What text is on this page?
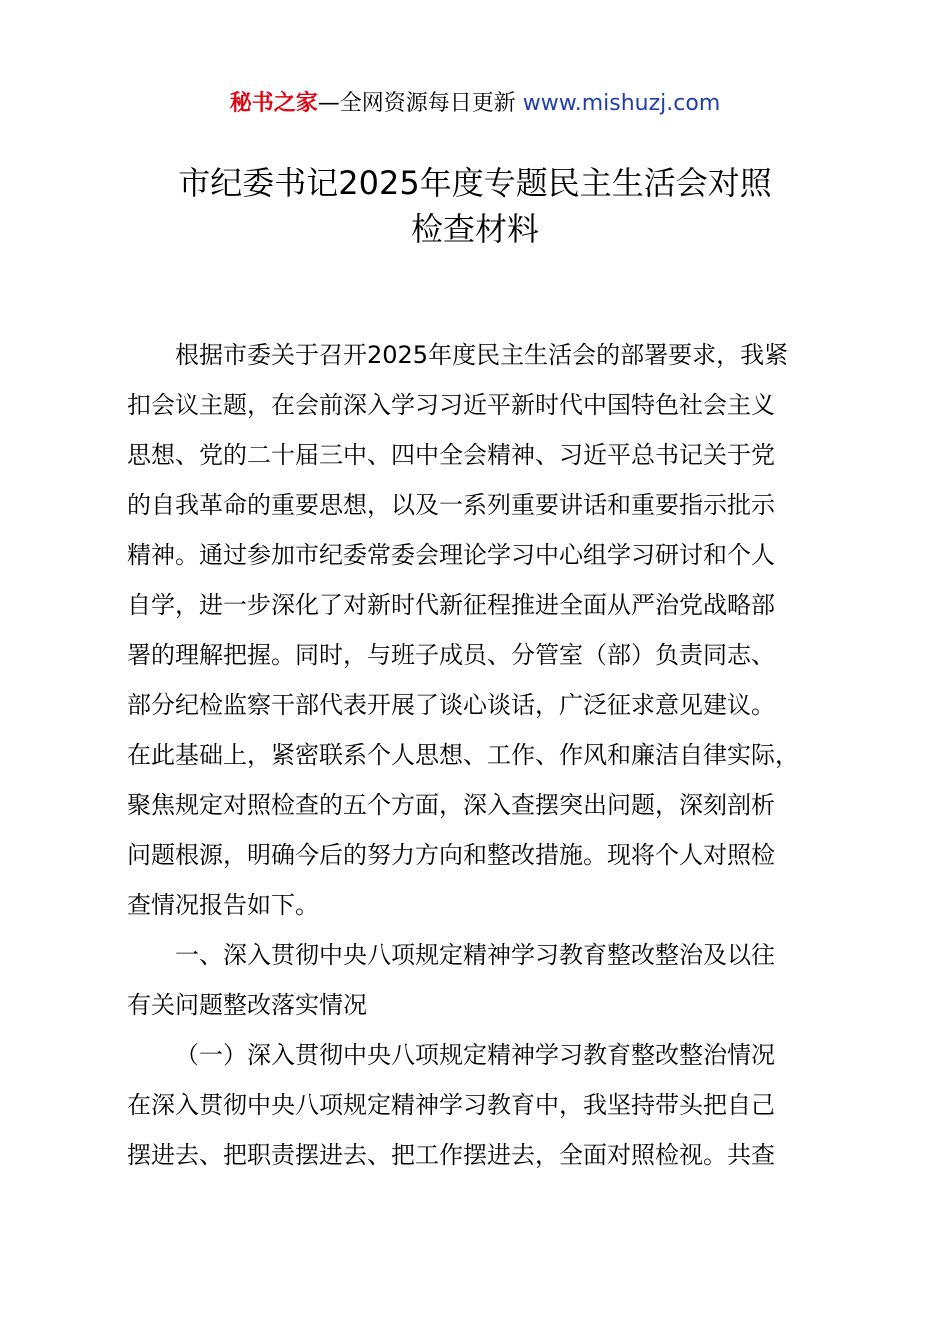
秘书之家—全网资源每日更新 www.mishuzj.com
市纪委书记2025年度专题民主生活会对照
检查材料
根据市委关于召开2025年度民主生活会的部署要求，我紧
扣会议主题，在会前深入学习习近平新时代中国特色社会主义
思想、党的二十届三中、四中全会精神、习近平总书记关于党
的自我革命的重要思想，以及一系列重要讲话和重要指示批示
精神。通过参加市纪委常委会理论学习中心组学习研讨和个人
自学，进一步深化了对新时代新征程推进全面从严治党战略部
署的理解把握。同时，与班子成员、分管室（部）负责同志、
部分纪检监察干部代表开展了谈心谈话，广泛征求意见建议。
在此基础上，紧密联系个人思想、工作、作风和廉洁自律实际，
聚焦规定对照检查的五个方面，深入查摆突出问题，深刻剖析
问题根源，明确今后的努力方向和整改措施。现将个人对照检
查情况报告如下。
一、深入贯彻中央八项规定精神学习教育整改整治及以往
有关问题整改落实情况
（一）深入贯彻中央八项规定精神学习教育整改整治情况
在深入贯彻中央八项规定精神学习教育中，我坚持带头把自己
摆进去、把职责摆进去、把工作摆进去，全面对照检视。共查
